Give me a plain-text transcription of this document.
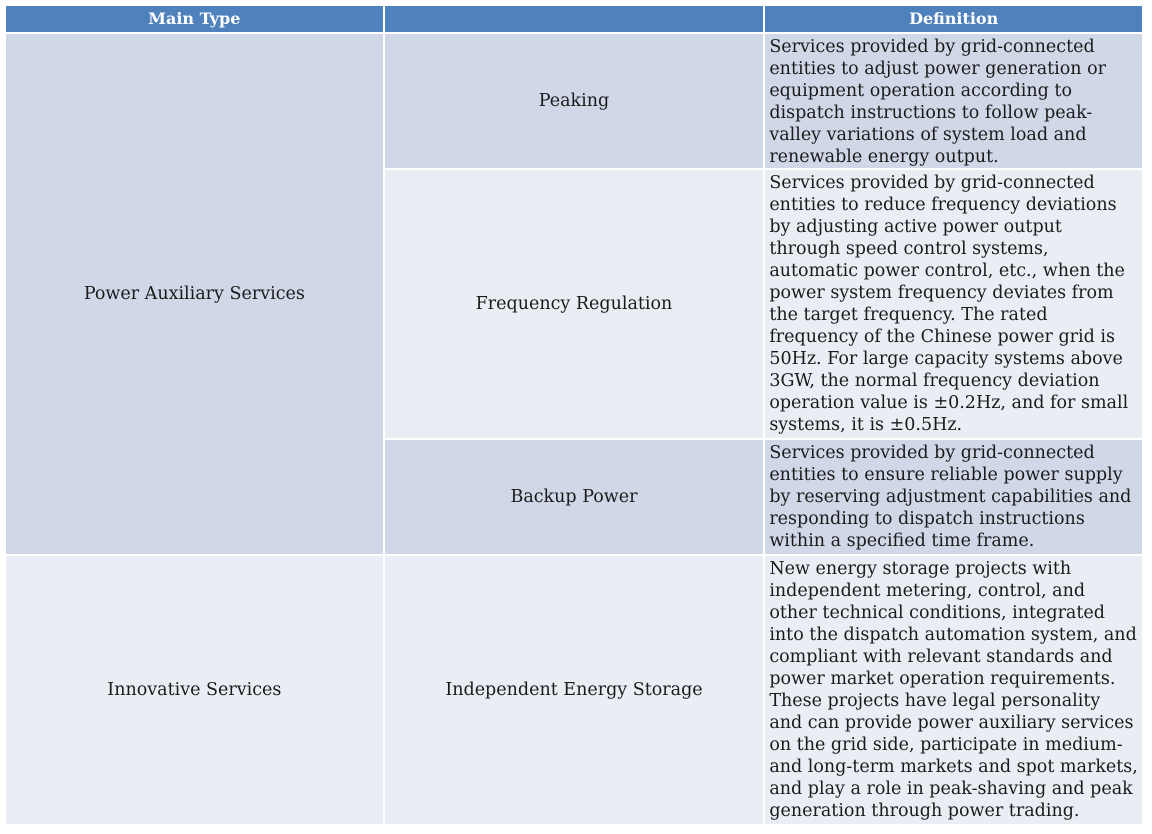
Main Type		Definition
Power Auxiliary Services	Peaking	Services provided by grid-connected entities to adjust power generation or equipment operation according to dispatch instructions to follow peak-valley variations of system load and renewable energy output.
	Frequency Regulation	Services provided by grid-connected entities to reduce frequency deviations by adjusting active power output through speed control systems, automatic power control, etc., when the power system frequency deviates from the target frequency. The rated frequency of the Chinese power grid is 50Hz. For large capacity systems above 3GW, the normal frequency deviation operation value is ±0.2Hz, and for small systems, it is ±0.5Hz.
	Backup Power	Services provided by grid-connected entities to ensure reliable power supply by reserving adjustment capabilities and responding to dispatch instructions within a specified time frame.
Innovative Services	Independent Energy Storage	New energy storage projects with independent metering, control, and other technical conditions, integrated into the dispatch automation system, and compliant with relevant standards and power market operation requirements. These projects have legal personality and can provide power auxiliary services on the grid side, participate in medium- and long-term markets and spot markets, and play a role in peak-shaving and peak generation through power trading.
